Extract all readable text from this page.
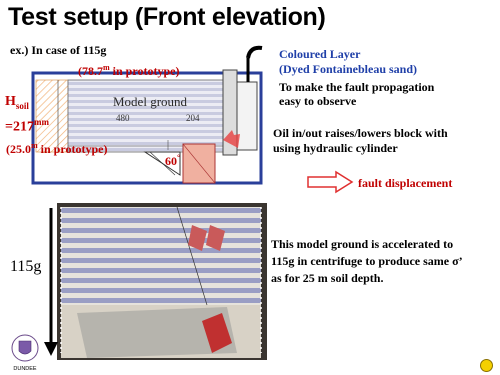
Test setup (Front elevation)
ex.) In case of 115g
(78.7$^m$ in prototype)
$H_{soil}$
$=217^{mm}$
(25.0$^m$ in prototype)
Model ground
480	204
60°
Coloured Layer
(Dyed Fontainebleau sand)
To make the fault propagation
easy to observe
Oil in/out raises/lowers block with
using hydraulic cylinder
fault displacement
115g
This model ground is accelerated to
115g in centrifuge to produce same σ’
as for 25 m soil depth.
DUNDEE
